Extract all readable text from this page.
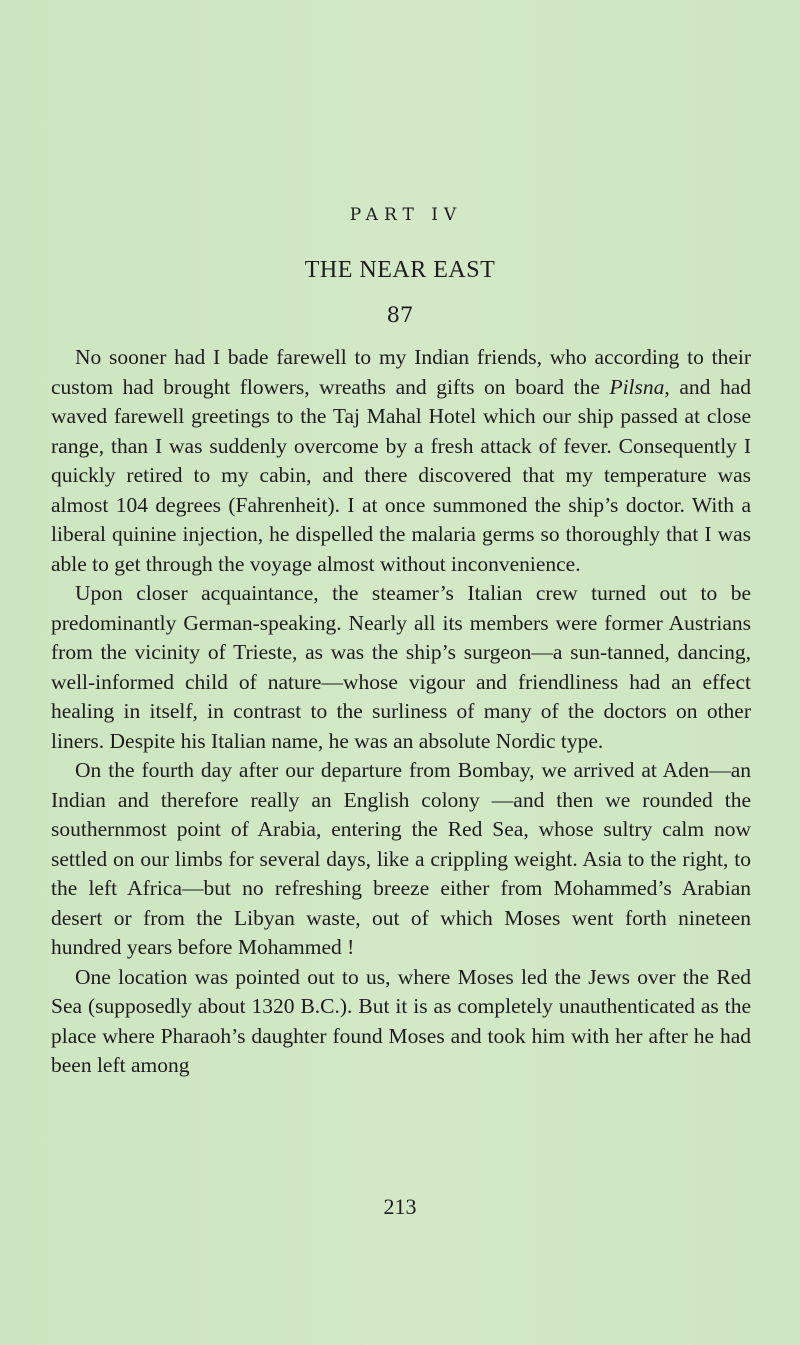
PART IV
THE NEAR EAST
87

No sooner had I bade farewell to my Indian friends, who according to their custom had brought flowers, wreaths and gifts on board the Pilsna, and had waved farewell greetings to the Taj Mahal Hotel which our ship passed at close range, than I was suddenly overcome by a fresh attack of fever. Consequently I quickly retired to my cabin, and there discovered that my temperature was almost 104 degrees (Fahrenheit). I at once summoned the ship’s doctor. With a liberal quinine injection, he dispelled the malaria germs so thoroughly that I was able to get through the voyage almost without inconvenience.

Upon closer acquaintance, the steamer’s Italian crew turned out to be predominantly German-speaking. Nearly all its members were former Austrians from the vicinity of Trieste, as was the ship’s surgeon—a sun-tanned, dancing, well-informed child of nature—whose vigour and friendliness had an effect healing in itself, in contrast to the surliness of many of the doctors on other liners. Despite his Italian name, he was an absolute Nordic type.

On the fourth day after our departure from Bombay, we arrived at Aden—an Indian and therefore really an English colony —and then we rounded the southernmost point of Arabia, entering the Red Sea, whose sultry calm now settled on our limbs for several days, like a crippling weight. Asia to the right, to the left Africa—but no refreshing breeze either from Mohammed’s Arabian desert or from the Libyan waste, out of which Moses went forth nineteen hundred years before Mohammed !

One location was pointed out to us, where Moses led the Jews over the Red Sea (supposedly about 1320 B.C.). But it is as completely unauthenticated as the place where Pharaoh’s daughter found Moses and took him with her after he had been left among

213
